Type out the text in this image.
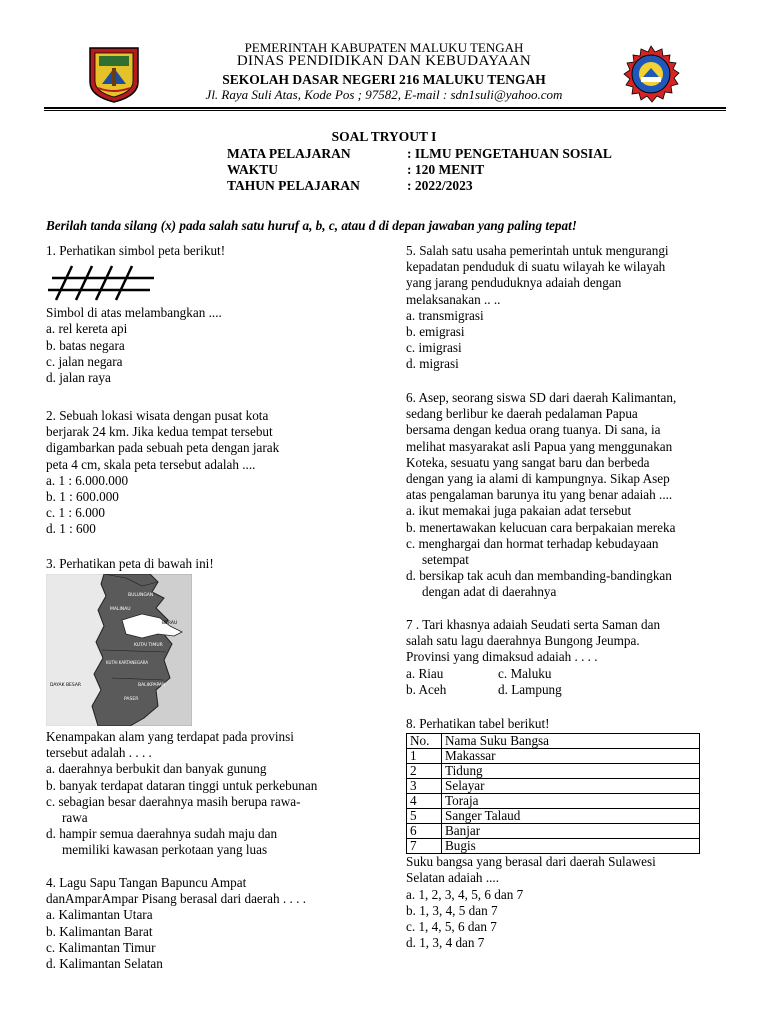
PEMERINTAH KABUPATEN MALUKU TENGAH
DINAS PENDIDIKAN DAN KEBUDAYAAN
SEKOLAH DASAR NEGERI 216 MALUKU TENGAH
Jl. Raya Suli Atas, Kode Pos ; 97582, E-mail : sdn1suli@yahoo.com
SOAL TRYOUT I
MATA PELAJARAN	: ILMU PENGETAHUAN SOSIAL
WAKTU	: 120 MENIT
TAHUN PELAJARAN	: 2022/2023
Berilah tanda silang (x) pada salah satu huruf a, b, c, atau d di depan jawaban yang paling tepat!
1. Perhatikan simbol peta berikut!
Simbol di atas melambangkan ....
a. rel kereta api
b. batas negara
c. jalan negara
d. jalan raya
2. Sebuah lokasi wisata dengan pusat kota
berjarak 24 km. Jika kedua tempat tersebut
digambarkan pada sebuah peta dengan jarak
peta 4 cm, skala peta tersebut adalah ....
a. 1 : 6.000.000
b. 1 : 600.000
c. 1 : 6.000
d. 1 : 600
3. Perhatikan peta di bawah ini!
BULUNGAN
MALINAU
BERAU
KUTAI KARTANEGARA
KUTAI TIMUR
BALIKPAPAN
PASER
DAYAK BESAR
Kenampakan alam yang terdapat pada provinsi
tersebut adalah . . . .
a. daerahnya berbukit dan banyak gunung
b. banyak terdapat dataran tinggi untuk perkebunan
c. sebagian besar daerahnya masih berupa rawa-
rawa
d. hampir semua daerahnya sudah maju dan
memiliki kawasan perkotaan yang luas
4. Lagu Sapu Tangan Bapuncu Ampat
danAmparAmpar Pisang berasal dari daerah . . . .
a. Kalimantan Utara
b. Kalimantan Barat
c. Kalimantan Timur
d. Kalimantan Selatan
5. Salah satu usaha pemerintah untuk mengurangi
kepadatan penduduk di suatu wilayah ke wilayah
yang jarang penduduknya adaiah dengan
melaksanakan .. ..
a. transmigrasi
b. emigrasi
c. imigrasi
d. migrasi
6. Asep, seorang siswa SD dari daerah Kalimantan,
sedang berlibur ke daerah pedalaman Papua
bersama dengan kedua orang tuanya. Di sana, ia
melihat masyarakat asli Papua yang menggunakan
Koteka, sesuatu yang sangat baru dan berbeda
dengan yang ia alami di kampungnya. Sikap Asep
atas pengalaman barunya itu yang benar adaiah ....
a. ikut memakai juga pakaian adat tersebut
b. menertawakan kelucuan cara berpakaian mereka
c. menghargai dan hormat terhadap kebudayaan
setempat
d. bersikap tak acuh dan membanding-bandingkan
dengan adat di daerahnya
7 . Tari khasnya adaiah Seudati serta Saman dan
salah satu lagu daerahnya Bungong Jeumpa.
Provinsi yang dimaksud adaiah . . . .
a. Riau	c. Maluku
b. Aceh	d. Lampung
8. Perhatikan tabel berikut!
No.	Nama Suku Bangsa
1	Makassar
2	Tidung
3	Selayar
4	Toraja
5	Sanger Talaud
6	Banjar
7	Bugis
Suku bangsa yang berasal dari daerah Sulawesi
Selatan adaiah ....
a. 1, 2, 3, 4, 5, 6 dan 7
b. 1, 3, 4, 5 dan 7
c. 1, 4, 5, 6 dan 7
d. 1, 3, 4 dan 7
